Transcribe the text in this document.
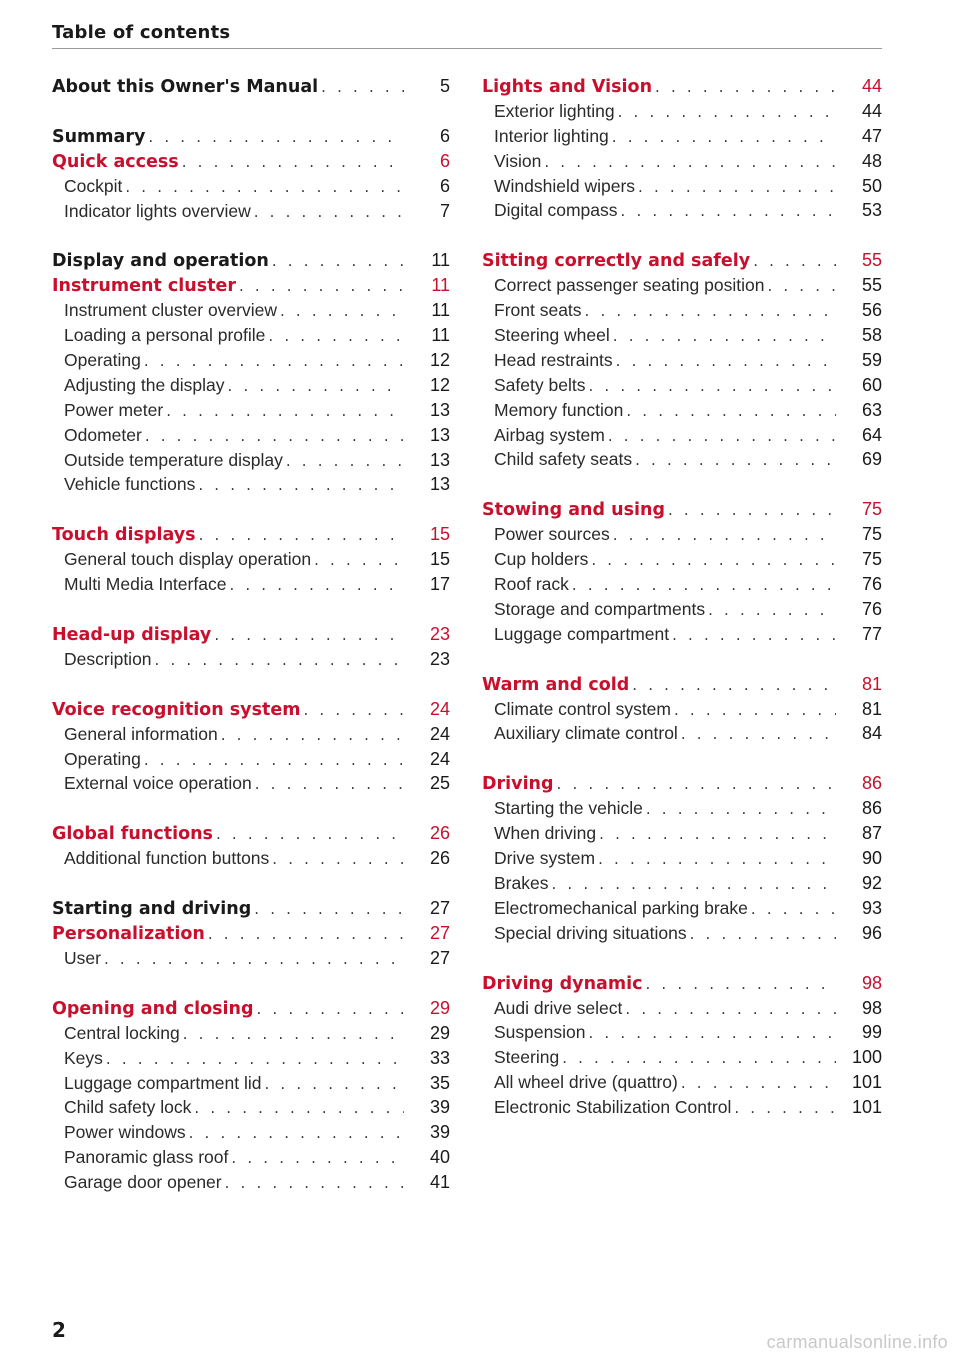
Table of contents
About this Owner's Manual . . .	5
Summary . . .	6
Quick access . . .	6
Cockpit . . .	6
Indicator lights overview . . .	7
Display and operation . . .	11
Instrument cluster . . .	11
Instrument cluster overview . . .	11
Loading a personal profile . . .	11
Operating . . .	12
Adjusting the display . . .	12
Power meter . . .	13
Odometer . . .	13
Outside temperature display . . .	13
Vehicle functions . . .	13
Touch displays . . .	15
General touch display operation . . .	15
Multi Media Interface . . .	17
Head-up display . . .	23
Description . . .	23
Voice recognition system . . .	24
General information . . .	24
Operating . . .	24
External voice operation . . .	25
Global functions . . .	26
Additional function buttons . . .	26
Starting and driving . . .	27
Personalization . . .	27
User . . .	27
Opening and closing . . .	29
Central locking . . .	29
Keys . . .	33
Luggage compartment lid . . .	35
Child safety lock . . .	39
Power windows . . .	39
Panoramic glass roof . . .	40
Garage door opener . . .	41
Lights and Vision . . .	44
Exterior lighting . . .	44
Interior lighting . . .	47
Vision . . .	48
Windshield wipers . . .	50
Digital compass . . .	53
Sitting correctly and safely . . .	55
Correct passenger seating position . . .	55
Front seats . . .	56
Steering wheel . . .	58
Head restraints . . .	59
Safety belts . . .	60
Memory function . . .	63
Airbag system . . .	64
Child safety seats . . .	69
Stowing and using . . .	75
Power sources . . .	75
Cup holders . . .	75
Roof rack . . .	76
Storage and compartments . . .	76
Luggage compartment . . .	77
Warm and cold . . .	81
Climate control system . . .	81
Auxiliary climate control . . .	84
Driving . . .	86
Starting the vehicle . . .	86
When driving . . .	87
Drive system . . .	90
Brakes . . .	92
Electromechanical parking brake . . .	93
Special driving situations . . .	96
Driving dynamic . . .	98
Audi drive select . . .	98
Suspension . . .	99
Steering . . .	100
All wheel drive (quattro) . . .	101
Electronic Stabilization Control . . .	101
2	carmanualsonline.info
